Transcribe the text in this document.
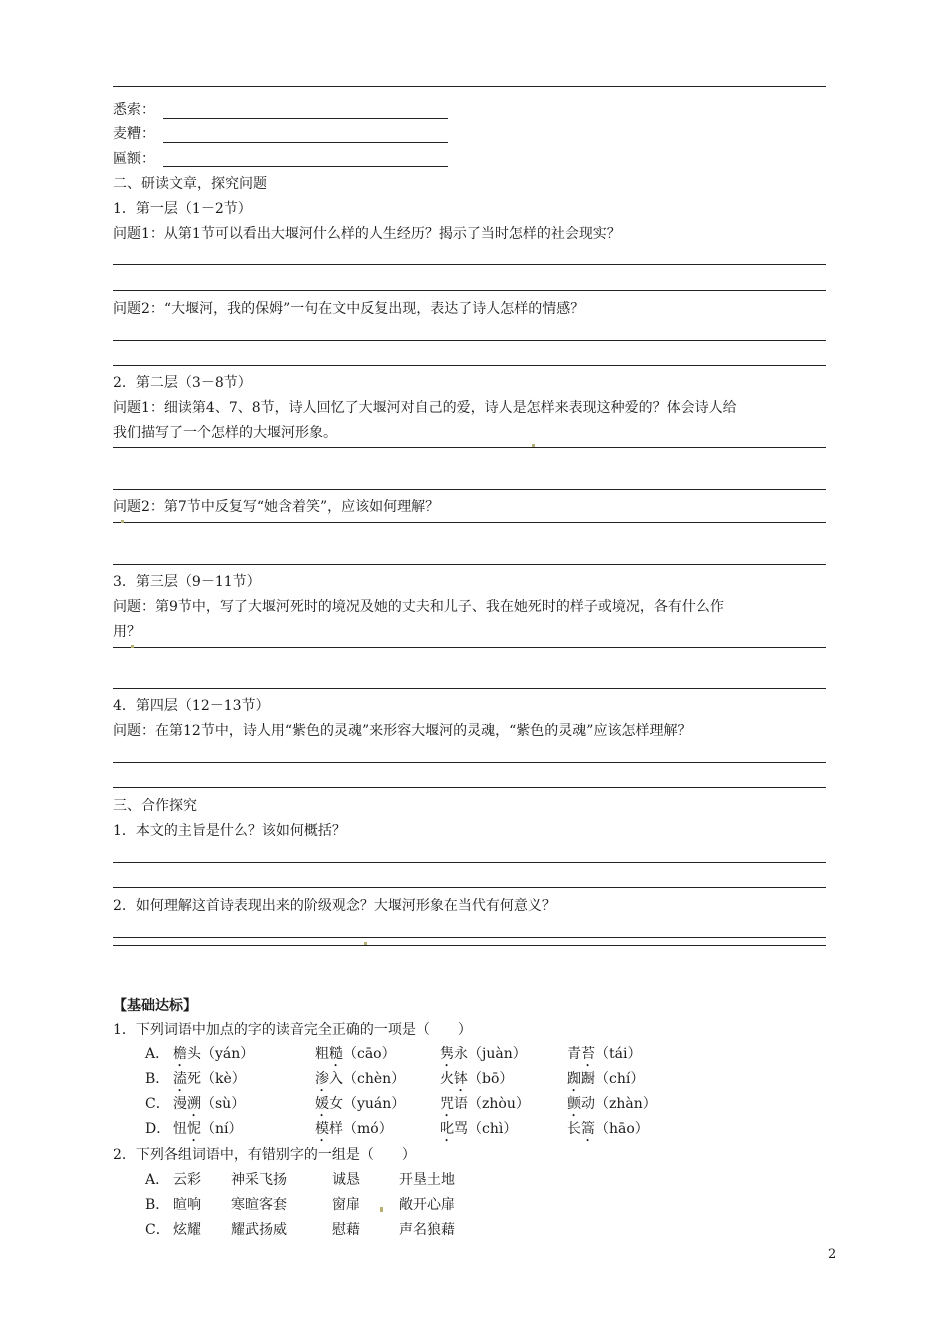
悉索：
麦糟：
匾额：
二、研读文章，探究问题
1．第一层（1－2节）
问题1：从第1节可以看出大堰河什么样的人生经历？揭示了当时怎样的社会现实？
问题2：“大堰河，我的保姆”一句在文中反复出现，表达了诗人怎样的情感？
2．第二层（3－8节）
问题1：细读第4、7、8节，诗人回忆了大堰河对自己的爱，诗人是怎样来表现这种爱的？体会诗人给
我们描写了一个怎样的大堰河形象。
问题2：第7节中反复写“她含着笑”，应该如何理解？
3．第三层（9－11节）
问题：第9节中，写了大堰河死时的境况及她的丈夫和儿子、我在她死时的样子或境况，各有什么作
用？
4．第四层（12－13节）
问题：在第12节中，诗人用“紫色的灵魂”来形容大堰河的灵魂，“紫色的灵魂”应该怎样理解？
三、合作探究
1．本文的主旨是什么？该如何概括？
2．如何理解这首诗表现出来的阶级观念？大堰河形象在当代有何意义？
【基础达标】
1．下列词语中加点的字的读音完全正确的一项是（　　）
A． 檐头（yán）	粗糙（cāo）	隽永（juàn）	青苔（tái）
B． 溘死（kè）	渗入（chèn） 火钵（bō）	踟蹰（chí）
C． 漫溯（sù）	媛女（yuán） 咒语（zhòu）	颤动（zhàn）
D． 忸怩（ní）	模样（mó）	叱骂（chì）	长篙（hāo）
2．下列各组词语中，有错别字的一组是（　　）
A． 云彩 神采飞扬	诚恳	开垦土地
B． 暄响 寒暄客套	窗扉	敞开心扉
C． 炫耀 耀武扬威	慰藉	声名狼藉
2
